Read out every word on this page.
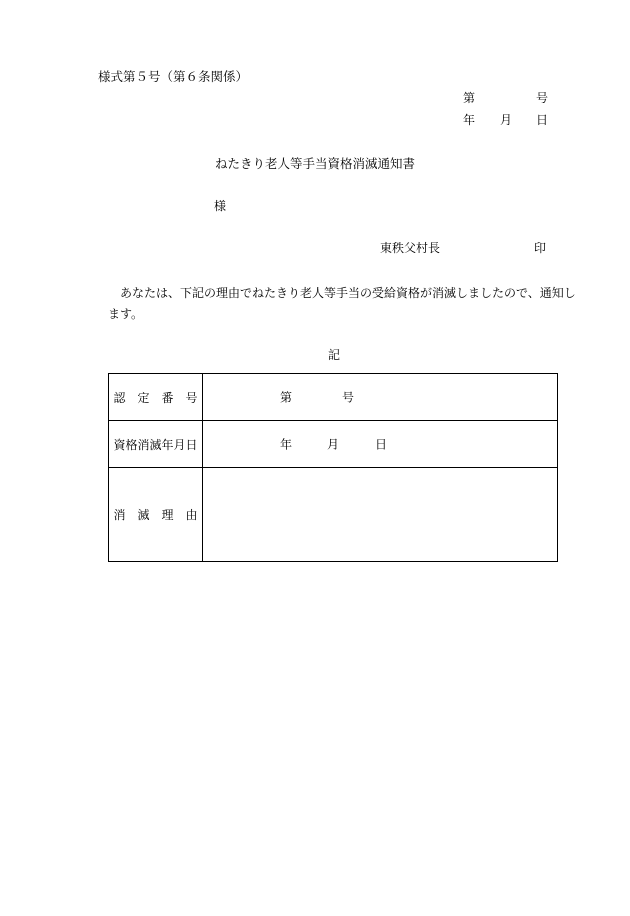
様式第５号（第６条関係）
第	号
年 月 日
ねたきり老人等手当資格消滅通知書
様
東秩父村長	印
あなたは、下記の理由でねたきり老人等手当の受給資格が消滅しましたので、通知します。
記
認　定　番　号	第 号

資格消滅年月日	年 月 日

消　滅　理　由	
